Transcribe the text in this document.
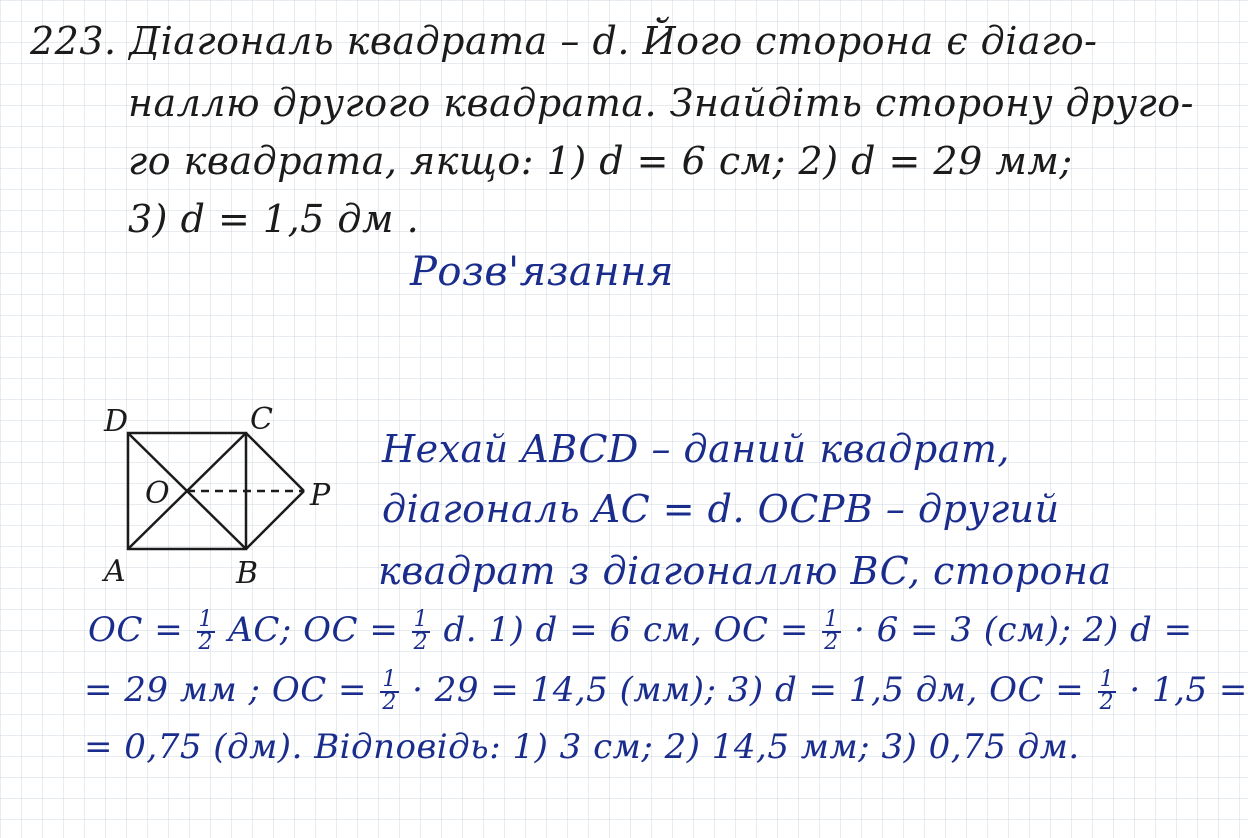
223. Діагональ квадрата – d. Його сторона є діаго-
наллю другого квадрата. Знайдіть сторону друго-
го квадрата, якщо: 1) d = 6 см; 2) d = 29 мм;
3) d = 1,5 дм .
Розв'язання
D	C
O	P
A	B
Нехай ABCD – даний квадрат,
діагональ AC = d. OCPB – другий
квадрат з діагоналлю BC, сторона
OC = $\frac{1}{2}$ AC; OC = $\frac{1}{2} d$. 1) d = 6 см, OC = $\frac{1}{2} \cdot 6 = 3$ (см); 2) d =
= 29 мм ; OC = $\frac{1}{2} \cdot 29 = 14,5$ (мм); 3) d = 1,5 дм, OC = $\frac{1}{2} \cdot 1,5$ =
= 0,75 (дм). Відповідь: 1) 3 см; 2) 14,5 мм; 3) 0,75 дм.
